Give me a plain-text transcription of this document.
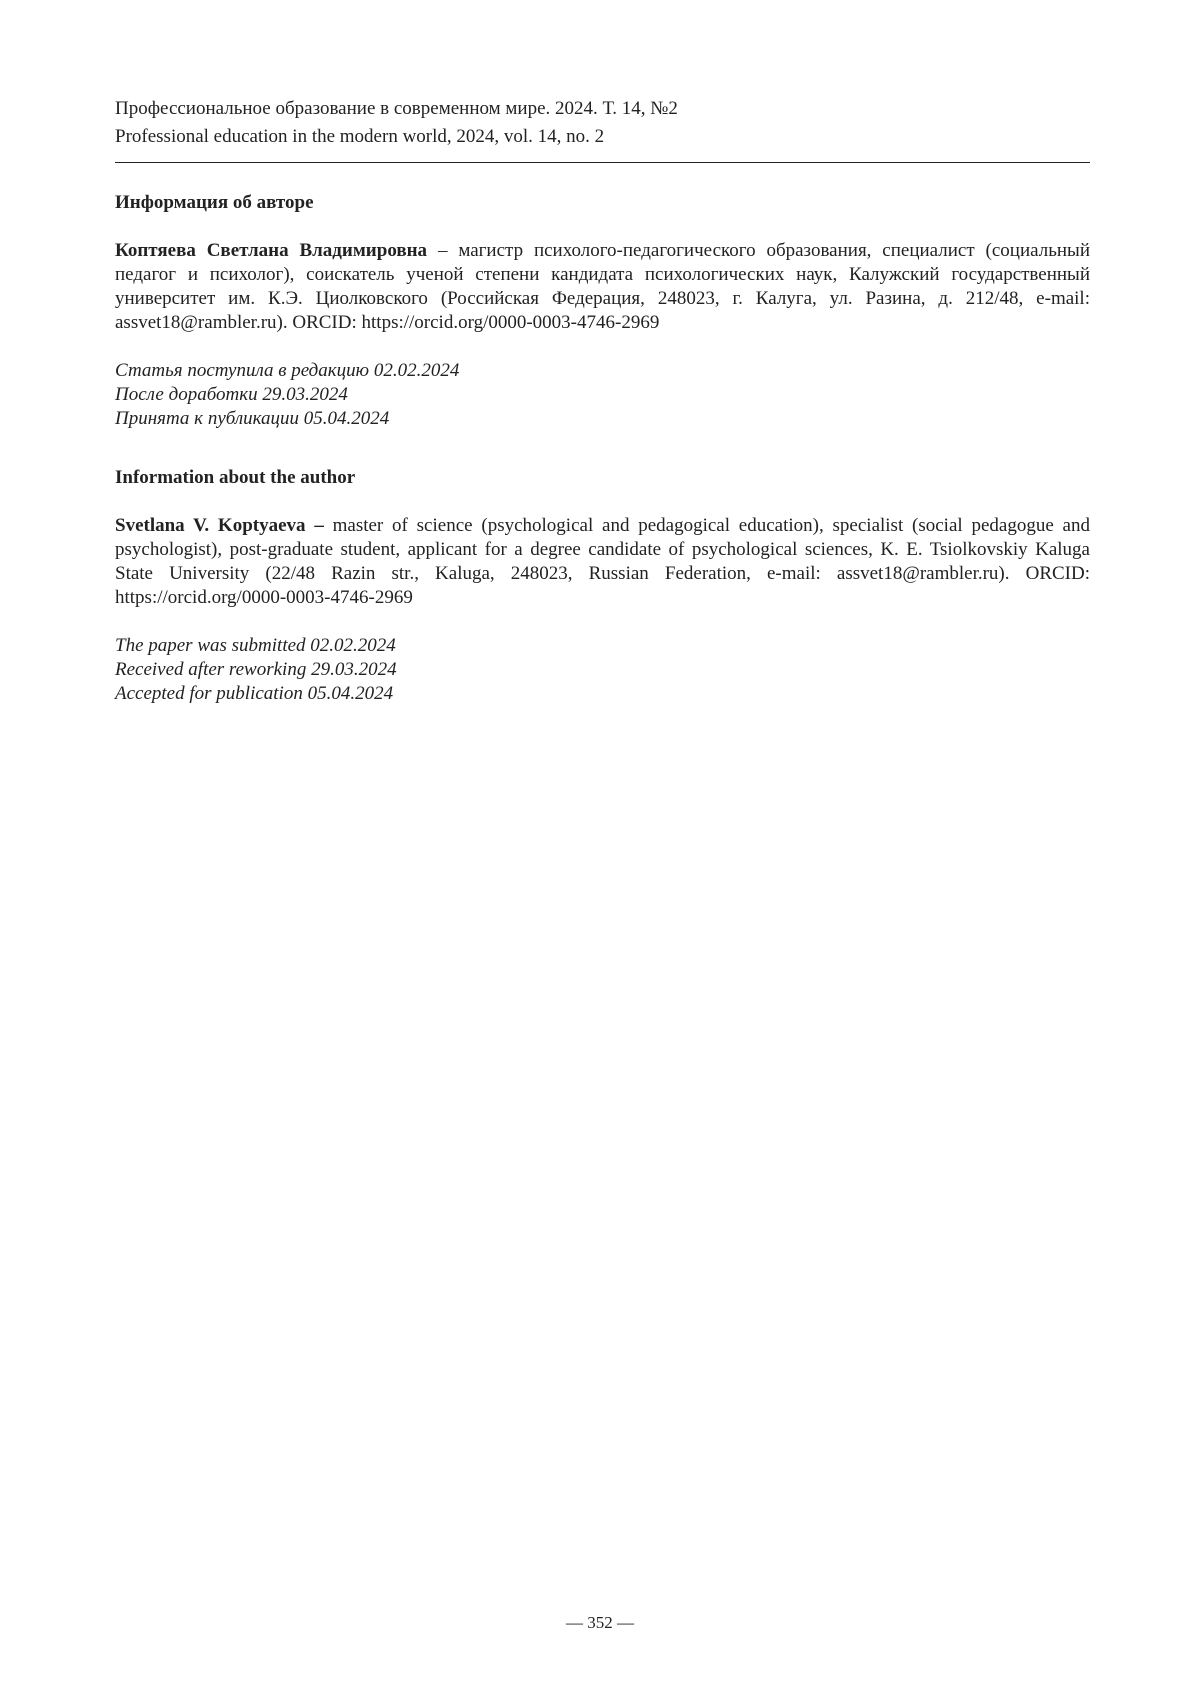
Профессиональное образование в современном мире. 2024. Т. 14, №2
Professional education in the modern world, 2024, vol. 14, no. 2
Информация об авторе
Коптяева Светлана Владимировна – магистр психолого-педагогического образования, специалист (социальный педагог и психолог), соискатель ученой степени кандидата психологических наук, Калужский государственный университет им. К.Э. Циолковского (Российская Федерация, 248023, г. Калуга, ул. Разина, д. 212/48, e-mail: assvet18@rambler.ru). ORCID: https://orcid.org/0000-0003-4746-2969
Статья поступила в редакцию 02.02.2024
После доработки 29.03.2024
Принята к публикации 05.04.2024
Information about the author
Svetlana V. Koptyaeva – master of science (psychological and pedagogical education), specialist (social pedagogue and psychologist), post-graduate student, applicant for a degree candidate of psychological sciences, K. E. Tsiolkovskiy Kaluga State University (22/48 Razin str., Kaluga, 248023, Russian Federation, e-mail: assvet18@rambler.ru). ORCID: https://orcid.org/0000-0003-4746-2969
The paper was submitted 02.02.2024
Received after reworking 29.03.2024
Accepted for publication 05.04.2024
— 352 —
